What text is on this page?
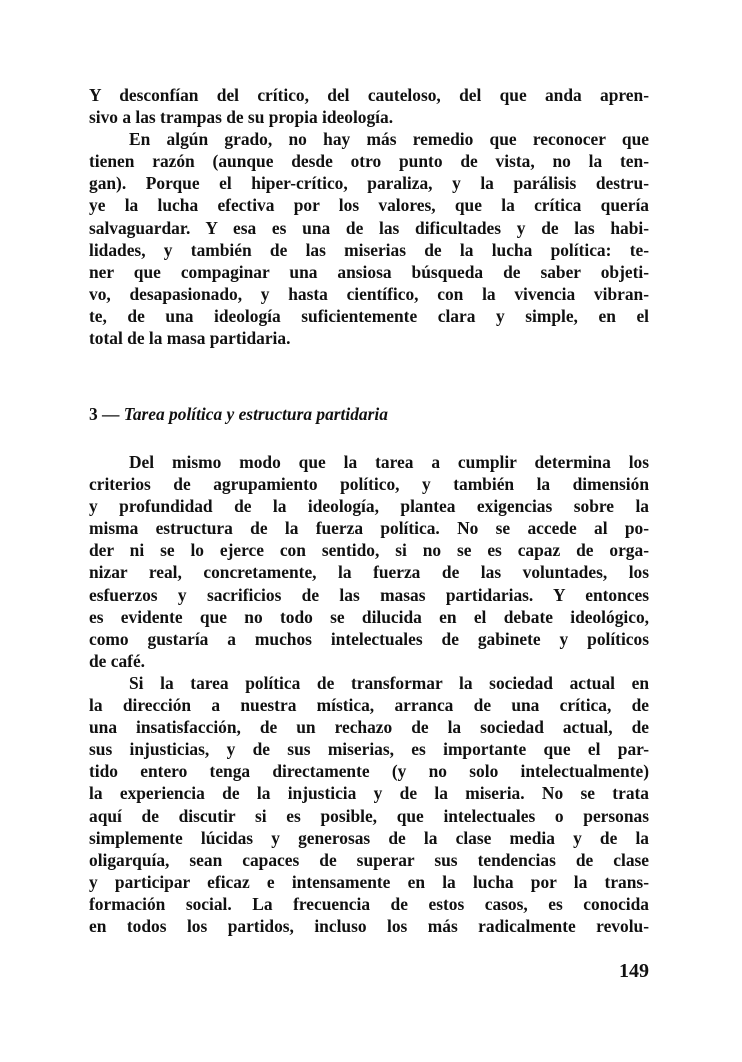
Y desconfían del crítico, del cauteloso, del que anda apren-
sivo a las trampas de su propia ideología.
En algún grado, no hay más remedio que reconocer que
tienen razón (aunque desde otro punto de vista, no la ten-
gan). Porque el hiper-crítico, paraliza, y la parálisis destru-
ye la lucha efectiva por los valores, que la crítica quería
salvaguardar. Y esa es una de las dificultades y de las habi-
lidades, y también de las miserias de la lucha política: te-
ner que compaginar una ansiosa búsqueda de saber objeti-
vo, desapasionado, y hasta científico, con la vivencia vibran-
te, de una ideología suficientemente clara y simple, en el
total de la masa partidaria.
3 — Tarea política y estructura partidaria
Del mismo modo que la tarea a cumplir determina los
criterios de agrupamiento político, y también la dimensión
y profundidad de la ideología, plantea exigencias sobre la
misma estructura de la fuerza política. No se accede al po-
der ni se lo ejerce con sentido, si no se es capaz de orga-
nizar real, concretamente, la fuerza de las voluntades, los
esfuerzos y sacrificios de las masas partidarias. Y entonces
es evidente que no todo se dilucida en el debate ideológico,
como gustaría a muchos intelectuales de gabinete y políticos
de café.
Si la tarea política de transformar la sociedad actual en
la dirección a nuestra mística, arranca de una crítica, de
una insatisfacción, de un rechazo de la sociedad actual, de
sus injusticias, y de sus miserias, es importante que el par-
tido entero tenga directamente (y no solo intelectualmente)
la experiencia de la injusticia y de la miseria. No se trata
aquí de discutir si es posible, que intelectuales o personas
simplemente lúcidas y generosas de la clase media y de la
oligarquía, sean capaces de superar sus tendencias de clase
y participar eficaz e intensamente en la lucha por la trans-
formación social. La frecuencia de estos casos, es conocida
en todos los partidos, incluso los más radicalmente revolu-
149
